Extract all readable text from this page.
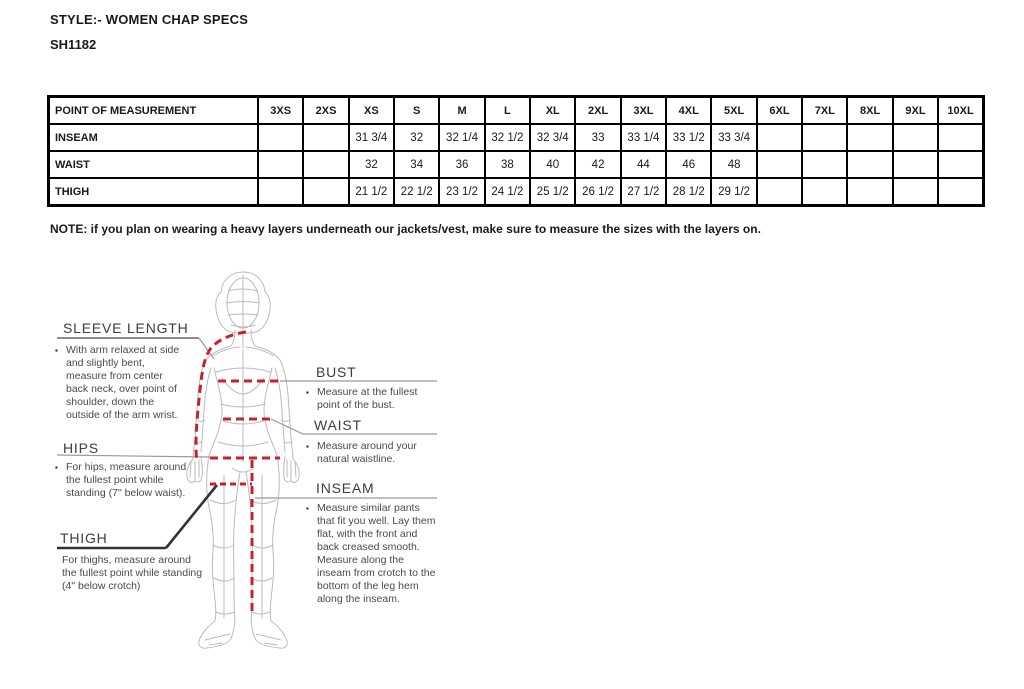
STYLE:- WOMEN CHAP SPECS
SH1182
POINT OF MEASUREMENT	3XS	2XS	XS	S	M	L	XL	2XL	3XL	4XL	5XL	6XL	7XL	8XL	9XL	10XL
INSEAM			31 3/4	32	32 1/4	32 1/2	32 3/4	33	33 1/4	33 1/2	33 3/4					
WAIST			32	34	36	38	40	42	44	46	48					
THIGH			21 1/2	22 1/2	23 1/2	24 1/2	25 1/2	26 1/2	27 1/2	28 1/2	29 1/2					
NOTE: if you plan on wearing a heavy layers underneath our jackets/vest, make sure to measure the sizes with the layers on.
SLEEVE LENGTH
▪ With arm relaxed at side and slightly bent, measure from center back neck, over point of shoulder, down the outside of the arm wrist.
HIPS
▪ For hips, measure around the fullest point while standing (7" below waist).
THIGH
For thighs, measure around the fullest point while standing (4" below crotch)
BUST
▪ Measure at the fullest point of the bust.
WAIST
▪ Measure around your natural waistline.
INSEAM
▪ Measure similar pants that fit you well. Lay them flat, with the front and back creased smooth. Measure along the inseam from crotch to the bottom of the leg hem along the inseam.
